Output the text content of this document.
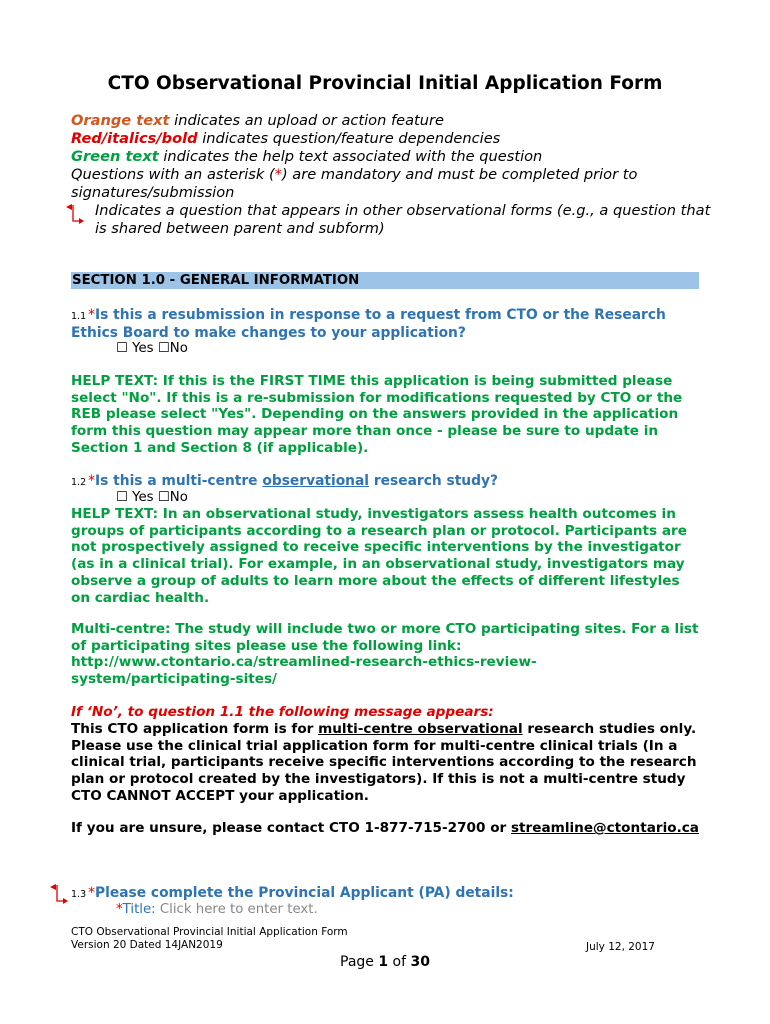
CTO Observational Provincial Initial Application Form
Orange text indicates an upload or action feature
Red/italics/bold indicates question/feature dependencies
Green text indicates the help text associated with the question
Questions with an asterisk (*) are mandatory and must be completed prior to signatures/submission
Indicates a question that appears in other observational forms (e.g., a question that is shared between parent and subform)
SECTION 1.0 - GENERAL INFORMATION
1.1 *Is this a resubmission in response to a request from CTO or the Research Ethics Board to make changes to your application?
☐ Yes ☐No
HELP TEXT: If this is the FIRST TIME this application is being submitted please select "No". If this is a re-submission for modifications requested by CTO or the REB please select "Yes". Depending on the answers provided in the application form this question may appear more than once - please be sure to update in Section 1 and Section 8 (if applicable).
1.2 *Is this a multi-centre observational research study?
☐ Yes ☐No
HELP TEXT: In an observational study, investigators assess health outcomes in groups of participants according to a research plan or protocol. Participants are not prospectively assigned to receive specific interventions by the investigator (as in a clinical trial). For example, in an observational study, investigators may observe a group of adults to learn more about the effects of different lifestyles on cardiac health.
Multi-centre: The study will include two or more CTO participating sites. For a list of participating sites please use the following link: http://www.ctontario.ca/streamlined-research-ethics-review-system/participating-sites/
If ‘No’, to question 1.1 the following message appears:
This CTO application form is for multi-centre observational research studies only. Please use the clinical trial application form for multi-centre clinical trials (In a clinical trial, participants receive specific interventions according to the research plan or protocol created by the investigators). If this is not a multi-centre study CTO CANNOT ACCEPT your application.
If you are unsure, please contact CTO 1-877-715-2700 or streamline@ctontario.ca
1.3 *Please complete the Provincial Applicant (PA) details:
*Title: Click here to enter text.
CTO Observational Provincial Initial Application Form
Version 20 Dated 14JAN2019	July 12, 2017
Page 1 of 30
